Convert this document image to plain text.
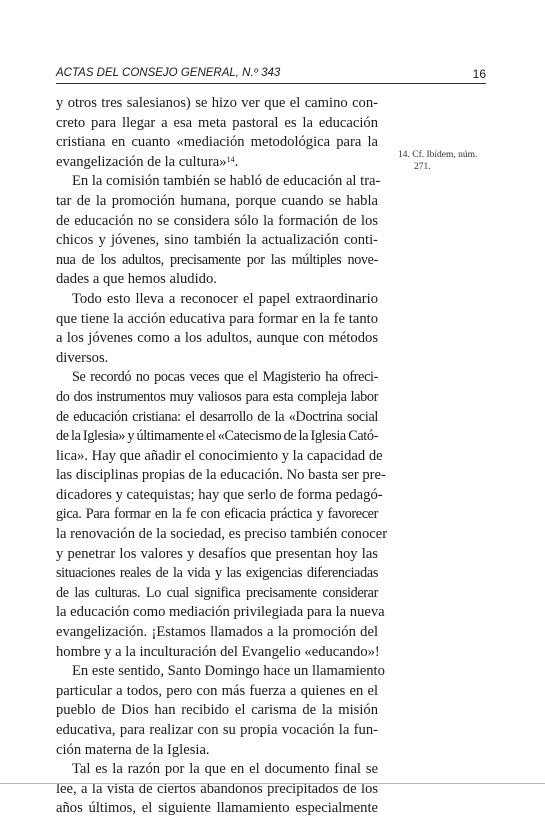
ACTAS DEL CONSEJO GENERAL, N.º 343	16
y otros tres salesianos) se hizo ver que el camino con-
creto para llegar a esa meta pastoral es la educación
cristiana en cuanto «mediación metodológica para la
evangelización de la cultura»$^{14}$.
En la comisión también se habló de educación al tra-
tar de la promoción humana, porque cuando se habla
de educación no se considera sólo la formación de los
chicos y jóvenes, sino también la actualización conti-
nua de los adultos, precisamente por las múltiples nove-
dades a que hemos aludido.
Todo esto lleva a reconocer el papel extraordinario
que tiene la acción educativa para formar en la fe tanto
a los jóvenes como a los adultos, aunque con métodos
diversos.
Se recordó no pocas veces que el Magisterio ha ofreci-
do dos instrumentos muy valiosos para esta compleja labor
de educación cristiana: el desarrollo de la «Doctrina social
de la Iglesia» y últimamente el «Catecismo de la Iglesia Cató-
lica». Hay que añadir el conocimiento y la capacidad de
las disciplinas propias de la educación. No basta ser pre-
dicadores y catequistas; hay que serlo de forma pedagó-
gica. Para formar en la fe con eficacia práctica y favorecer
la renovación de la sociedad, es preciso también conocer
y penetrar los valores y desafíos que presentan hoy las
situaciones reales de la vida y las exigencias diferenciadas
de las culturas. Lo cual significa precisamente considerar
la educación como mediación privilegiada para la nueva
evangelización. ¡Estamos llamados a la promoción del
hombre y a la inculturación del Evangelio «educando»!
En este sentido, Santo Domingo hace un llamamiento
particular a todos, pero con más fuerza a quienes en el
pueblo de Dios han recibido el carisma de la misión
educativa, para realizar con su propia vocación la fun-
ción materna de la Iglesia.
Tal es la razón por la que en el documento final se
lee, a la vista de ciertos abandonos precipitados de los
años últimos, el siguiente llamamiento especialmente
14. Cf. Ibídem, núm.
271.
